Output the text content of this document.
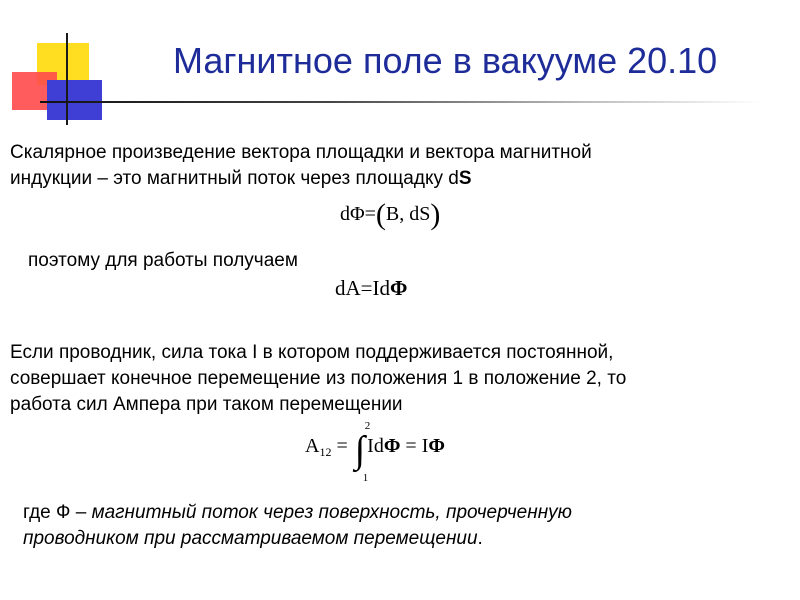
Магнитное поле в вакууме 20.10
Скалярное произведение вектора площадки и вектора магнитной
индукции – это магнитный поток через площадку dS
dΦ=(B, dS)
поэтому для работы получаем
dA=IdΦ
Если проводник, сила тока I в котором поддерживается постоянной,
совершает конечное перемещение из положения 1 в положение 2, то
работа сил Ампера при таком перемещении
$A_{12}$ = ∫
2
1
IdΦ = IΦ
где Ф – магнитный поток через поверхность, прочерченную
проводником при рассматриваемом перемещении.
